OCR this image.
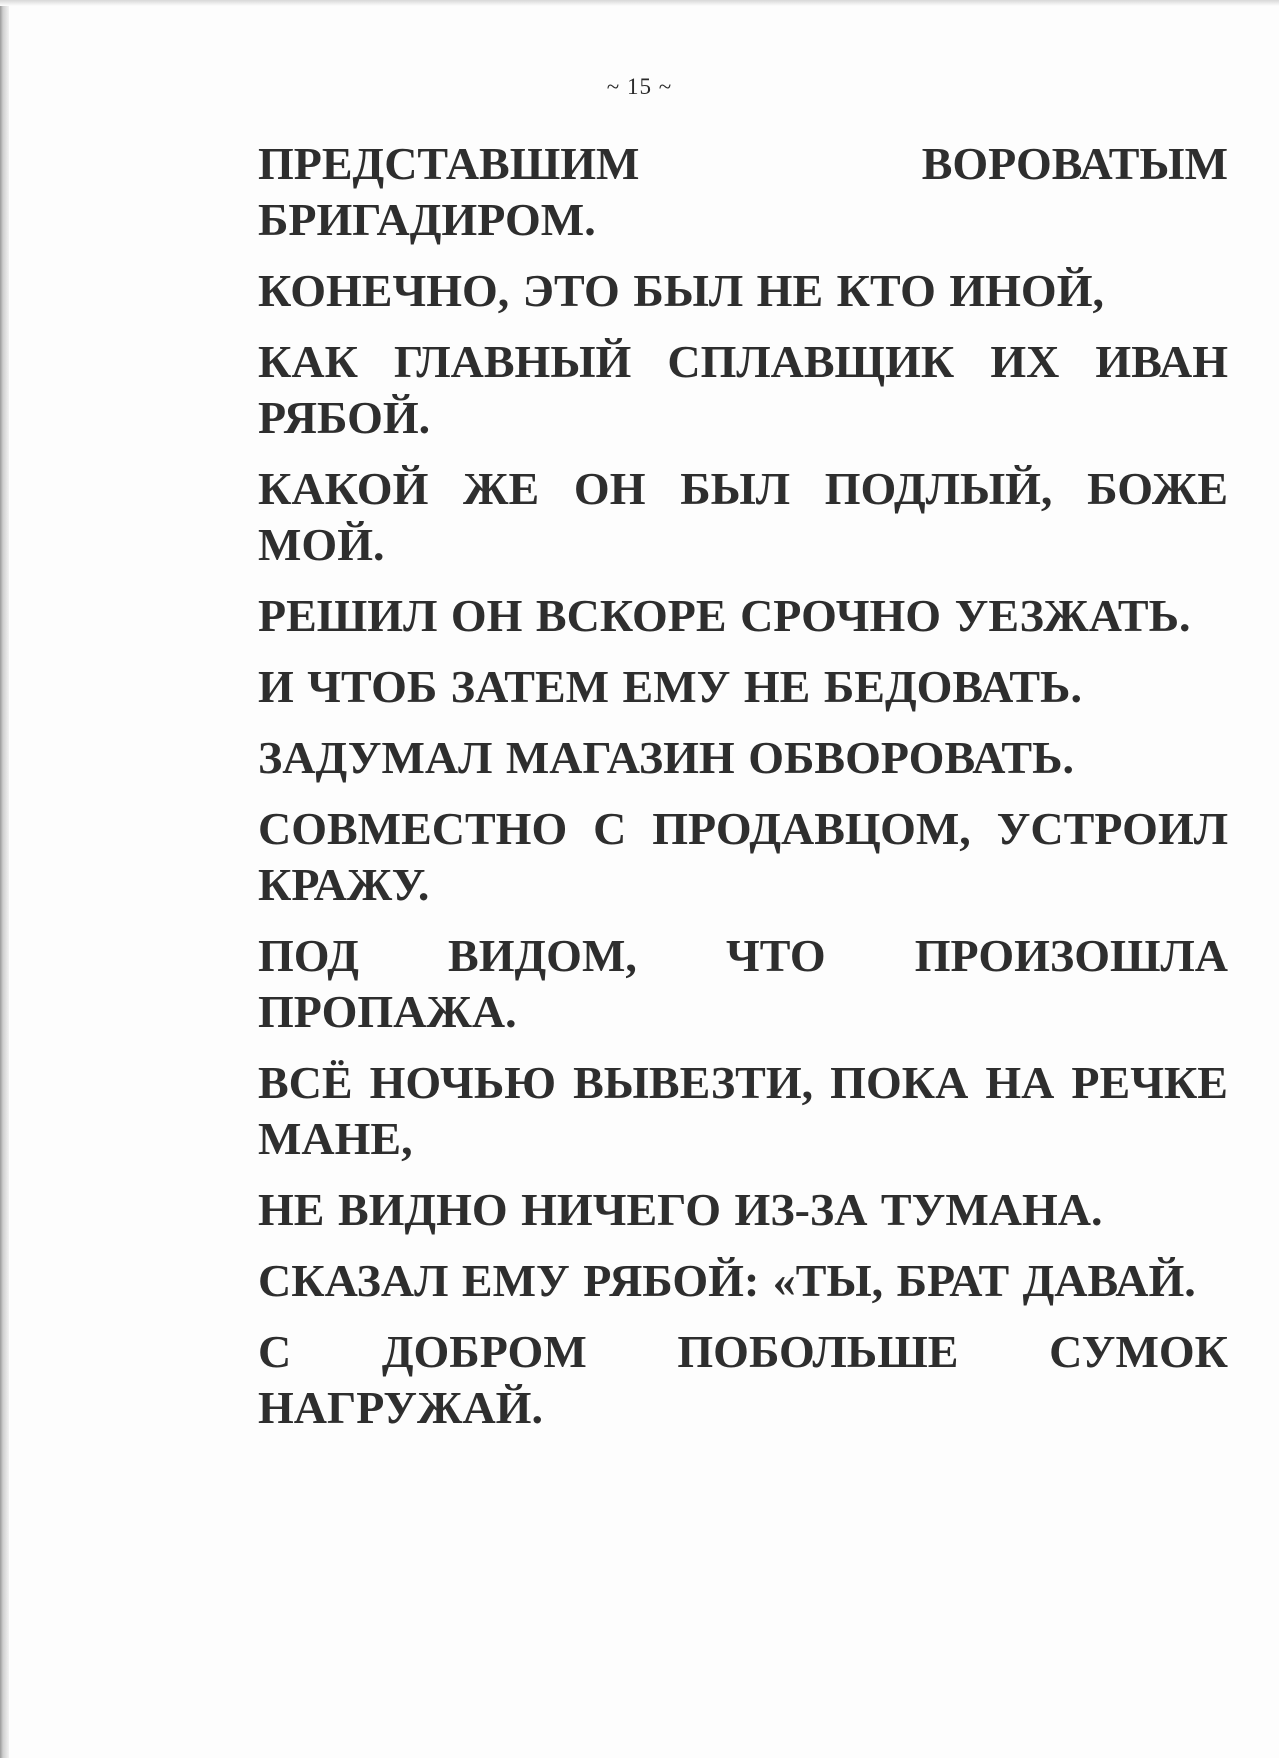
~ 15 ~

ПРЕДСТАВШИМ ВОРОВАТЫМ БРИГАДИРОМ.

КОНЕЧНО, ЭТО БЫЛ НЕ КТО ИНОЙ,

КАК ГЛАВНЫЙ СПЛАВЩИК ИХ ИВАН РЯБОЙ.

КАКОЙ ЖЕ ОН БЫЛ ПОДЛЫЙ, БОЖЕ МОЙ.

РЕШИЛ ОН ВСКОРЕ СРОЧНО УЕЗЖАТЬ.

И ЧТОБ ЗАТЕМ ЕМУ НЕ БЕДОВАТЬ.

ЗАДУМАЛ МАГАЗИН ОБВОРОВАТЬ.

СОВМЕСТНО С ПРОДАВЦОМ, УСТРОИЛ КРАЖУ.

ПОД ВИДОМ, ЧТО ПРОИЗОШЛА ПРОПАЖА.

ВСЁ НОЧЬЮ ВЫВЕЗТИ, ПОКА НА РЕЧКЕ МАНЕ,

НЕ ВИДНО НИЧЕГО ИЗ-ЗА ТУМАНА.

СКАЗАЛ ЕМУ РЯБОЙ: «ТЫ, БРАТ ДАВАЙ.

С ДОБРОМ ПОБОЛЬШЕ СУМОК НАГРУЖАЙ.
